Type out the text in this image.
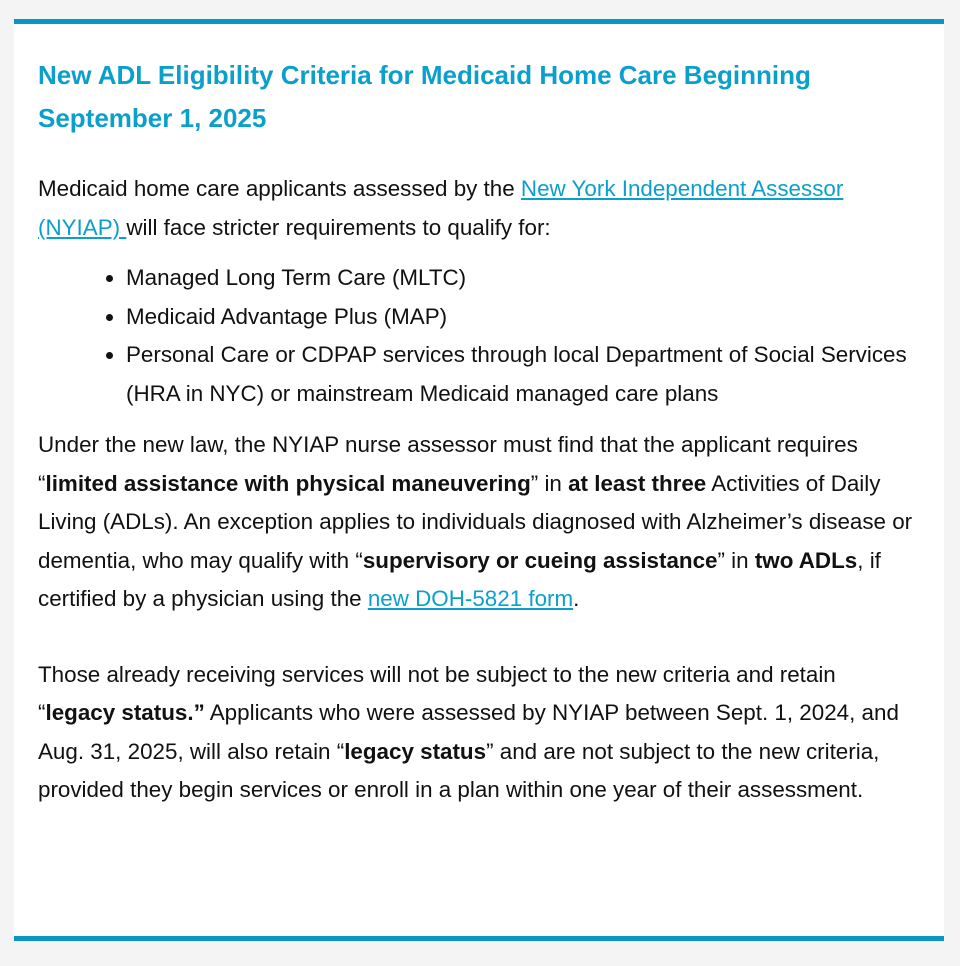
New ADL Eligibility Criteria for Medicaid Home Care Beginning September 1, 2025

Medicaid home care applicants assessed by the New York Independent Assessor (NYIAP) will face stricter requirements to qualify for:

• Managed Long Term Care (MLTC)
• Medicaid Advantage Plus (MAP)
• Personal Care or CDPAP services through local Department of Social Services (HRA in NYC) or mainstream Medicaid managed care plans

Under the new law, the NYIAP nurse assessor must find that the applicant requires “limited assistance with physical maneuvering” in at least three Activities of Daily Living (ADLs). An exception applies to individuals diagnosed with Alzheimer’s disease or dementia, who may qualify with “supervisory or cueing assistance” in two ADLs, if certified by a physician using the new DOH-5821 form.

Those already receiving services will not be subject to the new criteria and retain “legacy status.” Applicants who were assessed by NYIAP between Sept. 1, 2024, and Aug. 31, 2025, will also retain “legacy status” and are not subject to the new criteria, provided they begin services or enroll in a plan within one year of their assessment.
